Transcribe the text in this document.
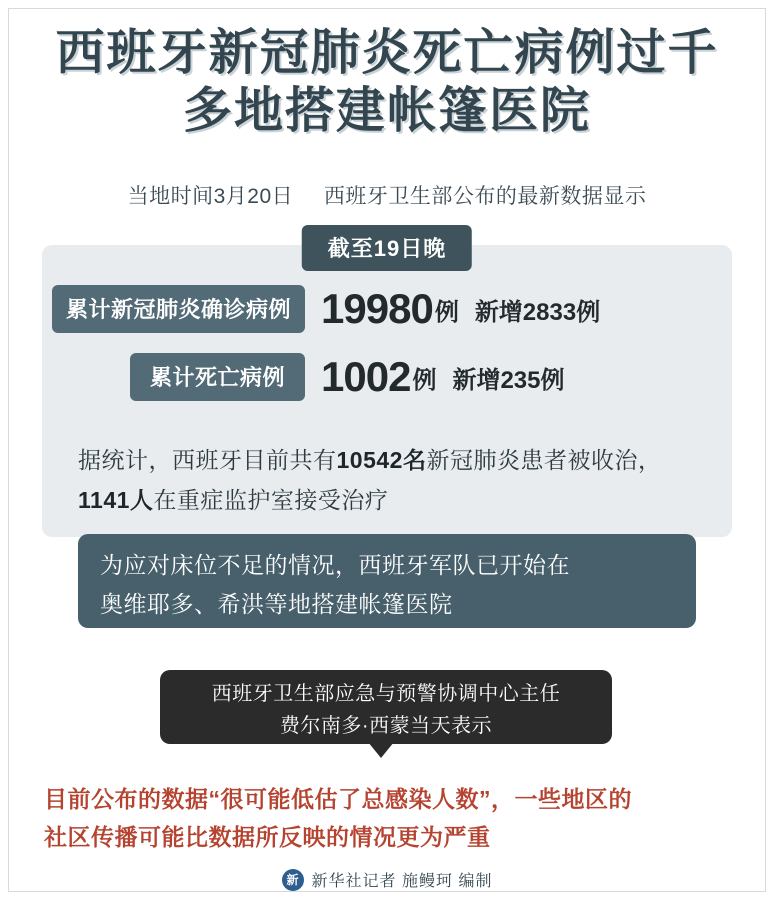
西班牙新冠肺炎死亡病例过千
多地搭建帐篷医院
当地时间3月20日 西班牙卫生部公布的最新数据显示
截至19日晚
累计新冠肺炎确诊病例 19980 例 新增2833例
累计死亡病例 1002 例 新增235例
据统计，西班牙目前共有10542名新冠肺炎患者被收治，1141人在重症监护室接受治疗
为应对床位不足的情况，西班牙军队已开始在
奥维耶多、希洪等地搭建帐篷医院
西班牙卫生部应急与预警协调中心主任
费尔南多·西蒙当天表示
目前公布的数据“很可能低估了总感染人数”，一些地区的
社区传播可能比数据所反映的情况更为严重
新 新华社记者 施鳗珂 编制
